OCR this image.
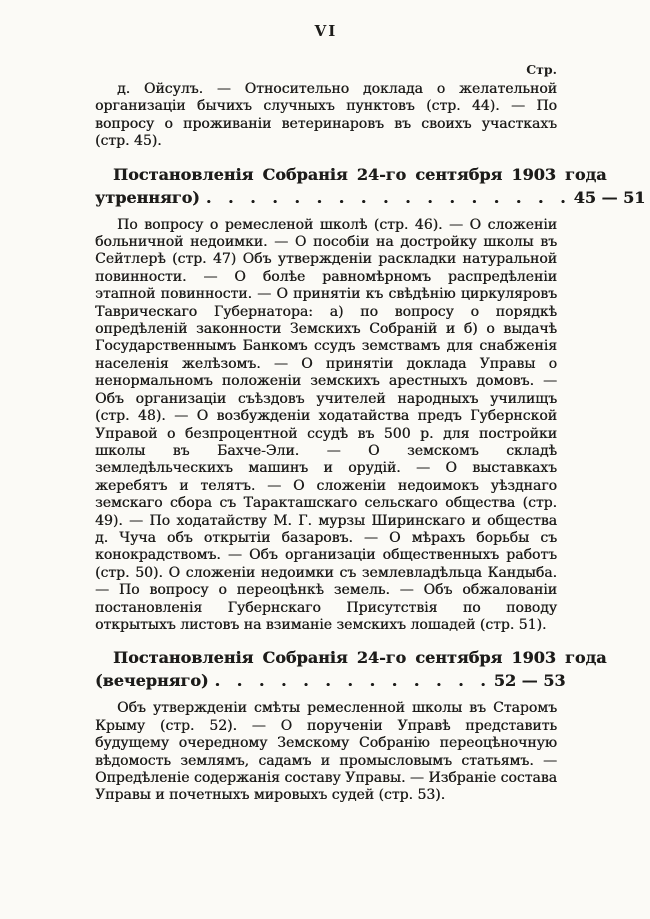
VI
Стр.

д. Ойсулъ. — Относительно доклада о желательной организаціи бычихъ случныхъ пунктовъ (стр. 44). — По вопросу о проживаніи ветеринаровъ въ своихъ участкахъ (стр. 45).

Постановленія Собранія 24-го сентября 1903 года
утренняго) . . . . . . . . . . . . . . . . . 45 — 51

По вопросу о ремесленой школѣ (стр. 46). — О сложеніи больничной недоимки. — О пособіи на достройку школы въ Сейтлерѣ (стр. 47) Объ утвержденіи раскладки натуральной повинности. — О болѣе равномѣрномъ распредѣленіи этапной повинности. — О принятіи къ свѣдѣнію циркуляровъ Таврическаго Губернатора: а) по вопросу о порядкѣ опредѣленій законности Земскихъ Собраній и б) о выдачѣ Государственнымъ Банкомъ ссудъ земствамъ для снабженія населенія желѣзомъ. — О принятіи доклада Управы о ненормальномъ положеніи земскихъ арестныхъ домовъ. — Объ организаціи съѣздовъ учителей народныхъ училищъ (стр. 48). — О возбужденіи ходатайства предъ Губернской Управой о безпроцентной ссудѣ въ 500 р. для постройки школы въ Бахче-Эли. — О земскомъ складѣ земледѣльческихъ машинъ и орудій. — О выставкахъ жеребятъ и телятъ. — О сложеніи недоимокъ уѣзднаго земскаго сбора съ Таракташскаго сельскаго общества (стр. 49). — По ходатайству М. Г. мурзы Ширинскаго и общества д. Чуча объ открытіи базаровъ. — О мѣрахъ борьбы съ конокрадствомъ. — Объ организаціи общественныхъ работъ (стр. 50). О сложеніи недоимки съ землевладѣльца Кандыба. — По вопросу о переоцѣнкѣ земель. — Объ обжалованіи постановленія Губернскаго Присутствія по поводу открытыхъ листовъ на взиманіе земскихъ лошадей (стр. 51).

Постановленія Собранія 24-го сентября 1903 года
(вечерняго) . . . . . . . . . . . . . 52 — 53

Объ утвержденіи смѣты ремесленной школы въ Старомъ Крыму (стр. 52). — О порученіи Управѣ представить будущему очередному Земскому Собранію переоцѣночную вѣдомость землямъ, садамъ и промысловымъ статьямъ. — Опредѣленіе содержанія составу Управы. — Избраніе состава Управы и почетныхъ мировыхъ судей (стр. 53).
